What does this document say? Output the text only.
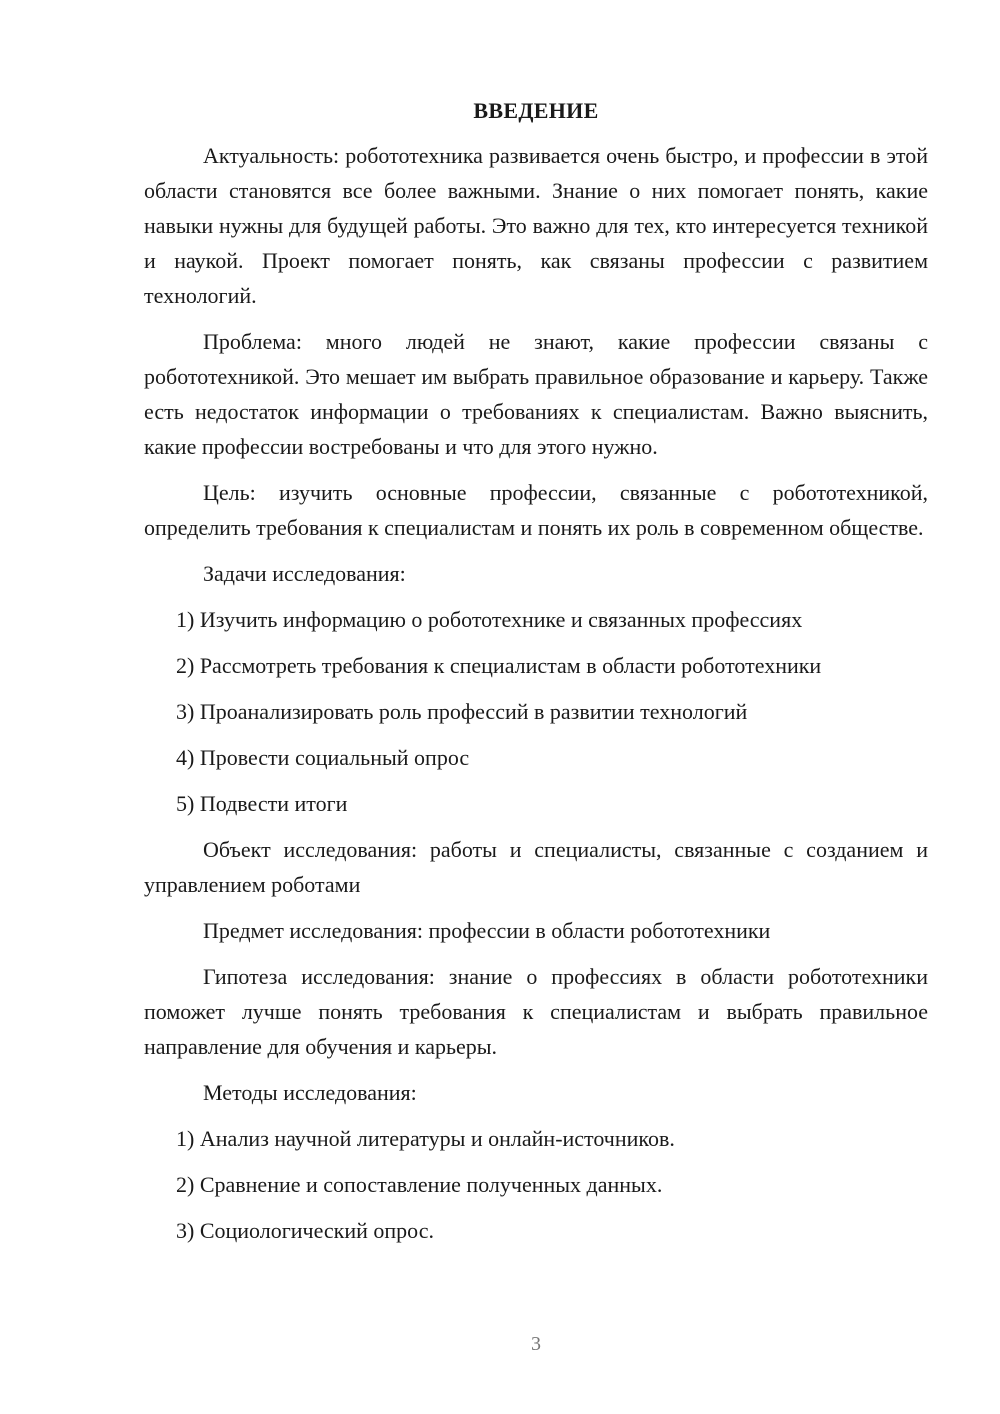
ВВЕДЕНИЕ

Актуальность: робототехника развивается очень быстро, и профессии в этой области становятся все более важными. Знание о них помогает понять, какие навыки нужны для будущей работы. Это важно для тех, кто интересуется техникой и наукой. Проект помогает понять, как связаны профессии с развитием технологий.

Проблема: много людей не знают, какие профессии связаны с робототехникой. Это мешает им выбрать правильное образование и карьеру. Также есть недостаток информации о требованиях к специалистам. Важно выяснить, какие профессии востребованы и что для этого нужно.

Цель: изучить основные профессии, связанные с робототехникой, определить требования к специалистам и понять их роль в современном обществе.

Задачи исследования:

1) Изучить информацию о робототехнике и связанных профессиях
2) Рассмотреть требования к специалистам в области робототехники
3) Проанализировать роль профессий в развитии технологий
4) Провести социальный опрос
5) Подвести итоги

Объект исследования: работы и специалисты, связанные с созданием и управлением роботами

Предмет исследования: профессии в области робототехники

Гипотеза исследования: знание о профессиях в области робототехники поможет лучше понять требования к специалистам и выбрать правильное направление для обучения и карьеры.

Методы исследования:

1) Анализ научной литературы и онлайн-источников.
2) Сравнение и сопоставление полученных данных.
3) Социологический опрос.
3
